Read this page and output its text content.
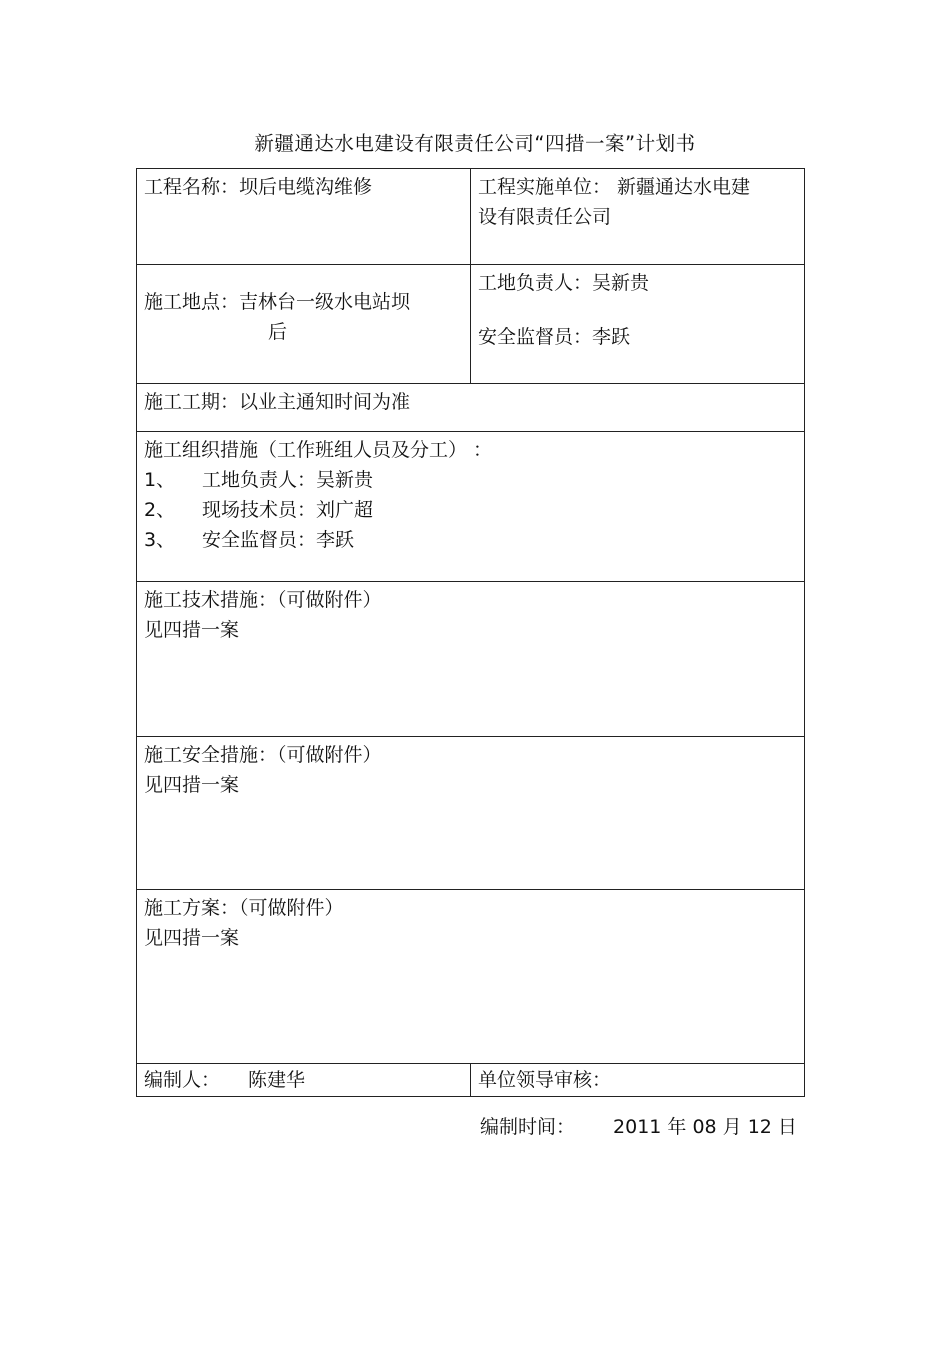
新疆通达水电建设有限责任公司“四措一案”计划书
工程名称：坝后电缆沟维修	工程实施单位： 新疆通达水电建
设有限责任公司
施工地点：吉林台一级水电站坝
后
工地负责人：吴新贵
安全监督员：李跃
施工工期：以业主通知时间为准
施工组织措施（工作班组人员及分工） ：
1、 工地负责人：吴新贵
2、 现场技术员：刘广超
3、 安全监督员：李跃
施工技术措施：（可做附件）
见四措一案
施工安全措施：（可做附件）
见四措一案
施工方案：（可做附件）
见四措一案
编制人： 陈建华	单位领导审核：
编制时间： 2011 年 08 月 12 日
